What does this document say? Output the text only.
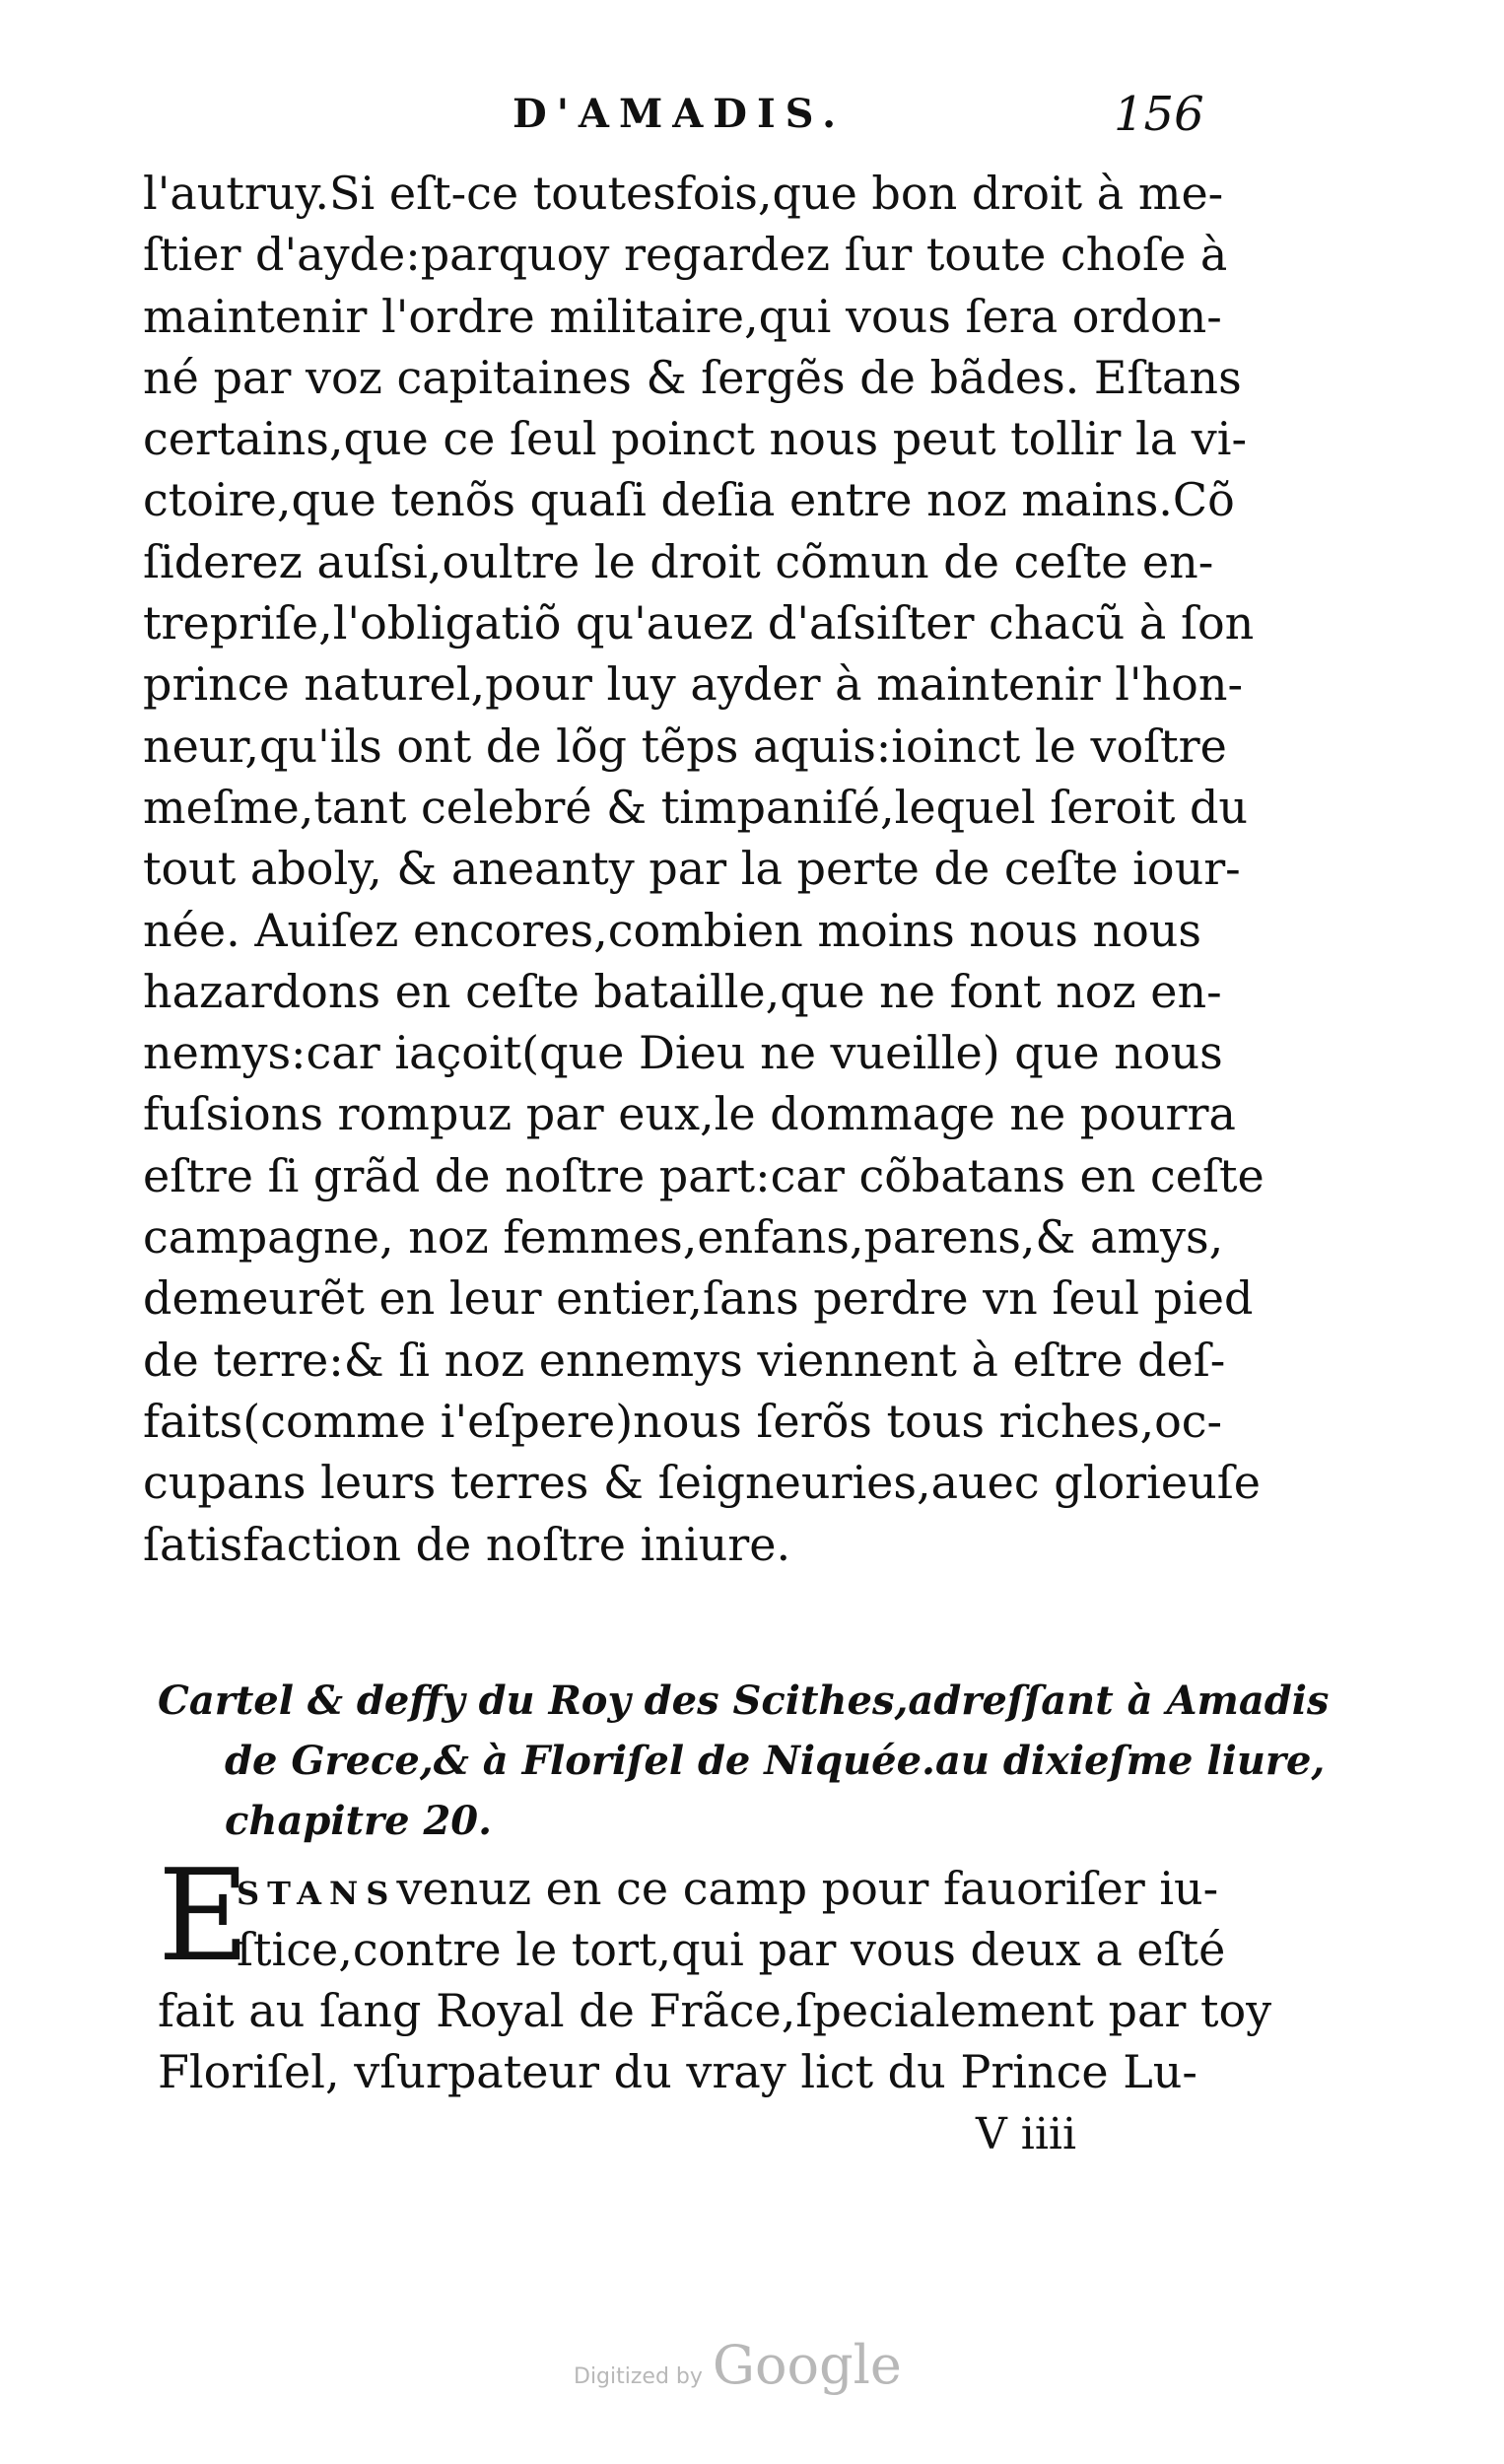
D'AMADIS.	156
l'autruy.Si eſt-ce toutesfois,que bon droit à me-
ſtier d'ayde:parquoy regardez ſur toute choſe à
maintenir l'ordre militaire,qui vous ſera ordon-
né par voz capitaines & ſergẽs de bãdes. Eſtans
certains,que ce ſeul poinct nous peut tollir la vi-
ctoire,que tenõs quaſi deſia entre noz mains.Cõ
ſiderez auſsi,oultre le droit cõmun de ceſte en-
trepriſe,l'obligatiõ qu'auez d'aſsiſter chacũ à ſon
prince naturel,pour luy ayder à maintenir l'hon-
neur,qu'ils ont de lõg tẽps aquis:ioinct le voſtre
meſme,tant celebré & timpaniſé,lequel ſeroit du
tout aboly, & aneanty par la perte de ceſte iour-
née. Auiſez encores,combien moins nous nous
hazardons en ceſte bataille,que ne font noz en-
nemys:car iaçoit(que Dieu ne vueille) que nous
fuſsions rompuz par eux,le dommage ne pourra
eſtre ſi grãd de noſtre part:car cõbatans en ceſte
campagne, noz femmes,enfans,parens,& amys,
demeurẽt en leur entier,ſans perdre vn ſeul pied
de terre:& ſi noz ennemys viennent à eſtre deſ-
faits(comme i'eſpere)nous ſerõs tous riches,oc-
cupans leurs terres & ſeigneuries,auec glorieuſe
ſatisfaction de noſtre iniure.
Cartel & deffy du Roy des Scithes,adreſſant à Amadis
de Grece,& à Floriſel de Niquée.au dixieſme liure,
chapitre 20.
E
STANSvenuz en ce camp pour fauoriſer iu-
ſtice,contre le tort,qui par vous deux a eſté
fait au ſang Royal de Frãce,ſpecialement par toy
Floriſel, vſurpateur du vray lict du Prince Lu-
V iiii
Digitized by Google
